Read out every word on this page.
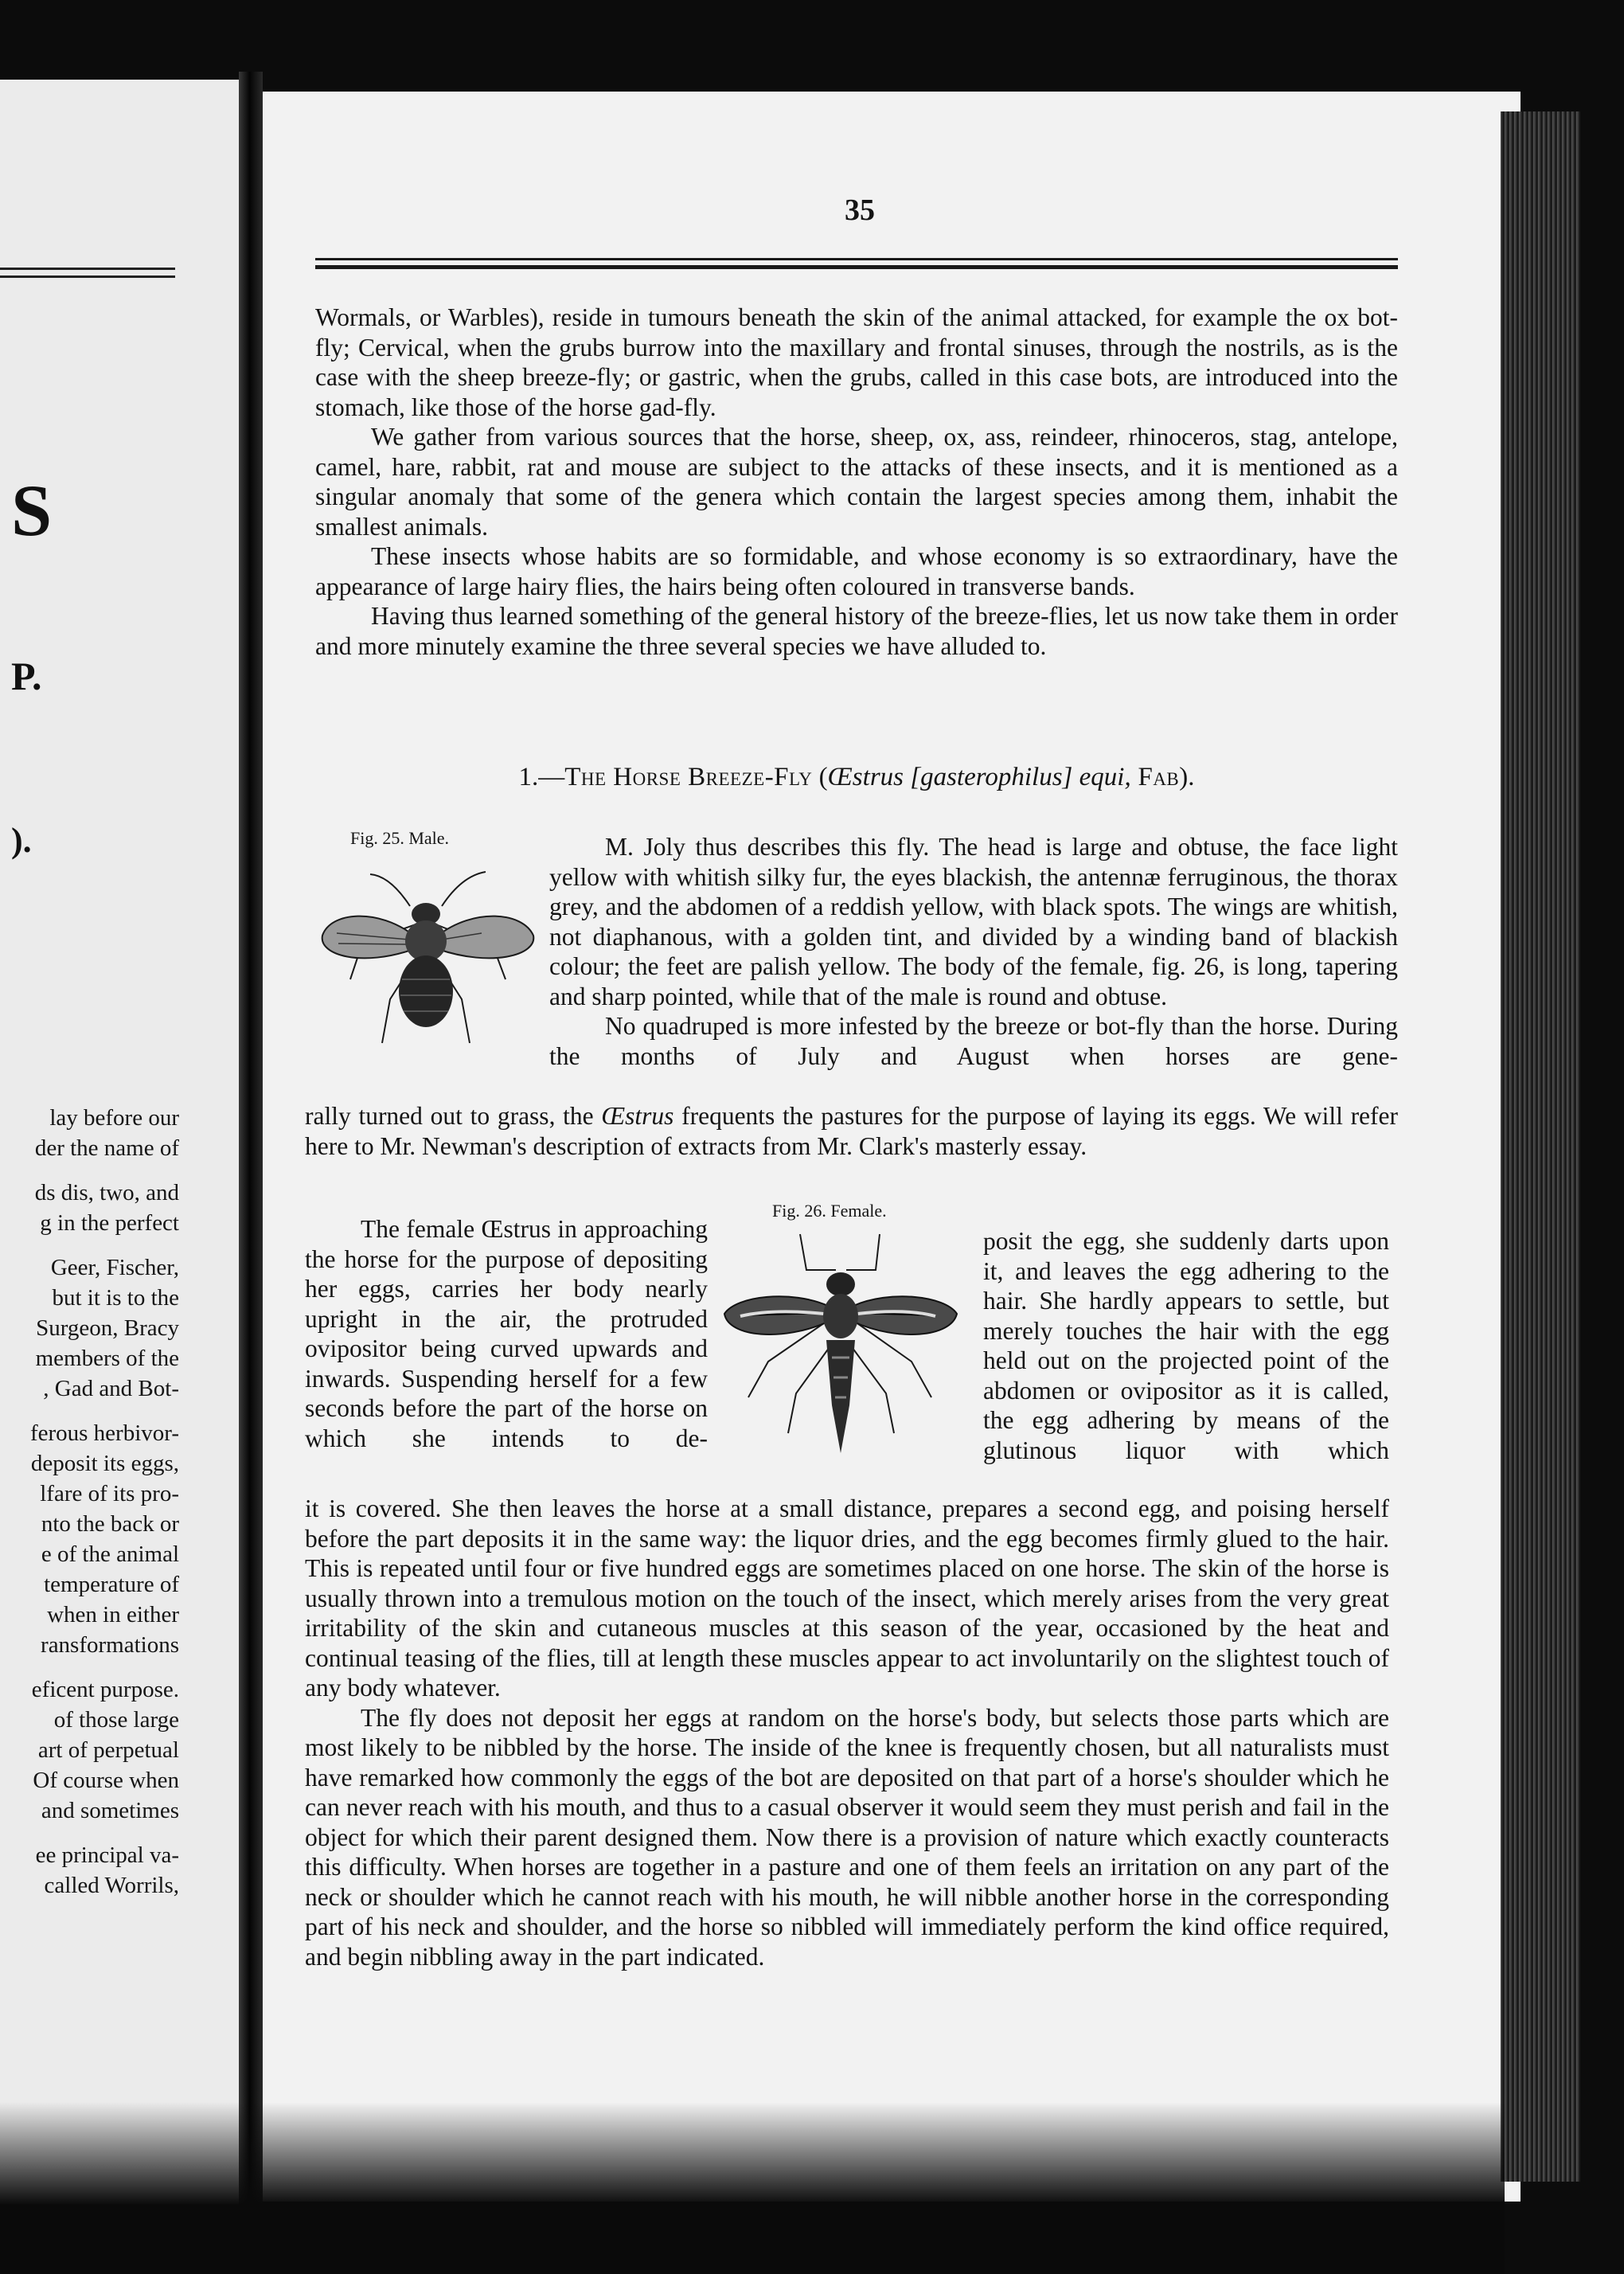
S
P.
).
lay before our
der the name of
ds dis, two, and
g in the perfect
Geer, Fischer,
but it is to the
Surgeon, Bracy
members of the
, Gad and Bot-
ferous herbivor-
deposit its eggs,
lfare of its pro-
nto the back or
e of the animal
temperature of
when in either
ransformations
eficent purpose.
of those large
art of perpetual
Of course when
and sometimes
ee principal va-
called Worrils,
35

Wormals, or Warbles), reside in tumours beneath the skin of the animal attacked, for example the ox bot-fly; Cervical, when the grubs burrow into the maxillary and frontal sinuses, through the nostrils, as is the case with the sheep breeze-fly; or gastric, when the grubs, called in this case bots, are introduced into the stomach, like those of the horse gad-fly.

We gather from various sources that the horse, sheep, ox, ass, reindeer, rhinoceros, stag, antelope, camel, hare, rabbit, rat and mouse are subject to the attacks of these insects, and it is mentioned as a singular anomaly that some of the genera which contain the largest species among them, inhabit the smallest animals.

These insects whose habits are so formidable, and whose economy is so extraordinary, have the appearance of large hairy flies, the hairs being often coloured in transverse bands.

Having thus learned something of the general history of the breeze-flies, let us now take them in order and more minutely examine the three several species we have alluded to.

1.—The Horse Breeze-Fly (Œstrus [gasterophilus] equi, Fab).
Fig. 25. Male.	M. Joly thus describes this fly. The head is large and obtuse, the face light yellow with whitish silky fur, the eyes blackish, the antennæ ferruginous, the thorax grey, and the abdomen of a reddish yellow, with black spots. The wings are whitish, not diaphanous, with a golden tint, and divided by a winding band of blackish colour; the feet are palish yellow. The body of the female, fig. 26, is long, tapering and sharp pointed, while that of the male is round and obtuse.

No quadruped is more infested by the breeze or bot-fly than the horse. During the months of July and August when horses are gene-

rally turned out to grass, the Œstrus frequents the pastures for the purpose of laying its eggs. We will refer here to Mr. Newman's description of extracts from Mr. Clark's masterly essay.

Fig. 26. Female.

The female Œstrus in approaching the horse for the purpose of depositing her eggs, carries her body nearly upright in the air, the protruded ovipositor being curved upwards and inwards. Suspending herself for a few seconds before the part of the horse on which she intends to de-

posit the egg, she suddenly darts upon it, and leaves the egg adhering to the hair. She hardly appears to settle, but merely touches the hair with the egg held out on the projected point of the abdomen or ovipositor as it is called, the egg adhering by means of the glutinous liquor with which

it is covered. She then leaves the horse at a small distance, prepares a second egg, and poising herself before the part deposits it in the same way: the liquor dries, and the egg becomes firmly glued to the hair. This is repeated until four or five hundred eggs are sometimes placed on one horse. The skin of the horse is usually thrown into a tremulous motion on the touch of the insect, which merely arises from the very great irritability of the skin and cutaneous muscles at this season of the year, occasioned by the heat and continual teasing of the flies, till at length these muscles appear to act involuntarily on the slightest touch of any body whatever.

The fly does not deposit her eggs at random on the horse's body, but selects those parts which are most likely to be nibbled by the horse. The inside of the knee is frequently chosen, but all naturalists must have remarked how commonly the eggs of the bot are deposited on that part of a horse's shoulder which he can never reach with his mouth, and thus to a casual observer it would seem they must perish and fail in the object for which their parent designed them. Now there is a provision of nature which exactly counteracts this difficulty. When horses are together in a pasture and one of them feels an irritation on any part of the neck or shoulder which he cannot reach with his mouth, he will nibble another horse in the corresponding part of his neck and shoulder, and the horse so nibbled will immediately perform the kind office required, and begin nibbling away in the part indicated.
